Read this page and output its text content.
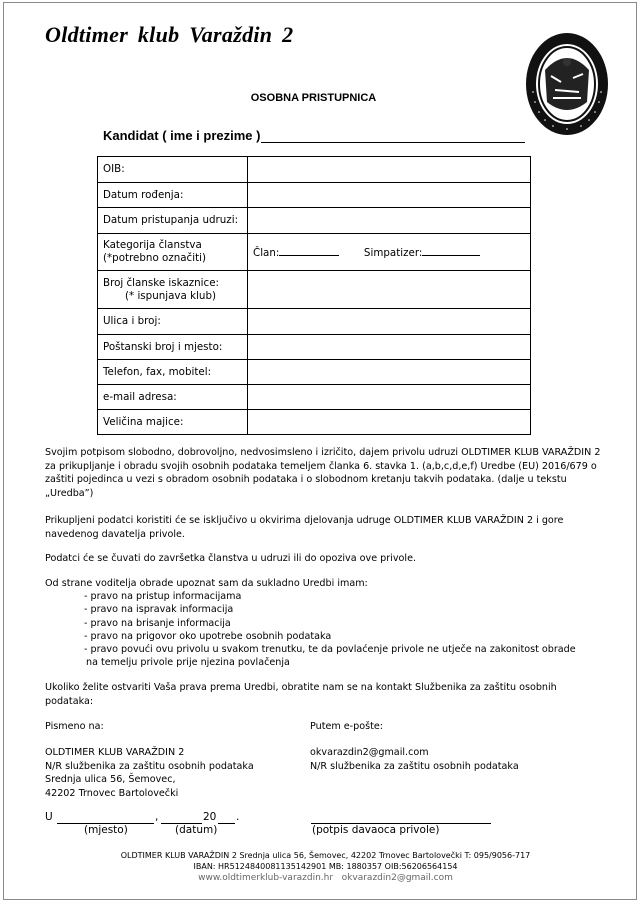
Oldtimer klub Varaždin 2
OSOBNA PRISTUPNICA
Kandidat ( ime i prezime )
OIB:	
Datum rođenja:	
Datum pristupanja udruzi:	

Kategorija članstva
(*potrebno označiti)	Član: Simpatizer:

Broj članske iskaznice:
(* ispunjava klub)	

Ulica i broj:	
Poštanski broj i mjesto:	
Telefon, fax, mobitel:	
e-mail adresa:	
Veličina majice:	
Svojim potpisom slobodno, dobrovoljno, nedvosimsleno i izričito, dajem privolu udruzi OLDTIMER KLUB VARAŽDIN 2 za prikupljanje i obradu svojih osobnih podataka temeljem članka 6. stavka 1. (a,b,c,d,e,f) Uredbe (EU) 2016/679 o zaštiti pojedinca u vezi s obradom osobnih podataka i o slobodnom kretanju takvih podataka. (dalje u tekstu „Uredba”)
Prikupljeni podatci koristiti će se isključivo u okvirima djelovanja udruge OLDTIMER KLUB VARAŽDIN 2 i gore navedenog davatelja privole.
Podatci će se čuvati do završetka članstva u udruzi ili do opoziva ove privole.
Od strane voditelja obrade upoznat sam da sukladno Uredbi imam:
- pravo na pristup informacijama
- pravo na ispravak informacija
- pravo na brisanje informacija
- pravo na prigovor oko upotrebe osobnih podataka
- pravo povući ovu privolu u svakom trenutku, te da povlaćenje privole ne utječe na zakonitost obrade
na temelju privole prije njezina povlačenja
Ukoliko želite ostvariti Vaša prava prema Uredbi, obratite nam se na kontakt Službenika za zaštitu osobnih podataka:
Pismeno na:
OLDTIMER KLUB VARAŽDIN 2
N/R službenika za zaštitu osobnih podataka
Srednja ulica 56, Šemovec,
42202 Trnovec Bartolovečki
Putem e-pošte:
okvarazdin2@gmail.com
N/R službenika za zaštitu osobnih podataka
U	,	20 .
(mjesto)	(datum)	(potpis davaoca privole)
OLDTIMER KLUB VARAŽDIN 2 Srednja ulica 56, Šemovec, 42202 Trnovec Bartolovečki T: 095/9056-717
IBAN: HR5124840081135142901 MB: 1880357 OIB:56206564154
www.oldtimerklub-varazdin.hr okvarazdin2@gmail.com
